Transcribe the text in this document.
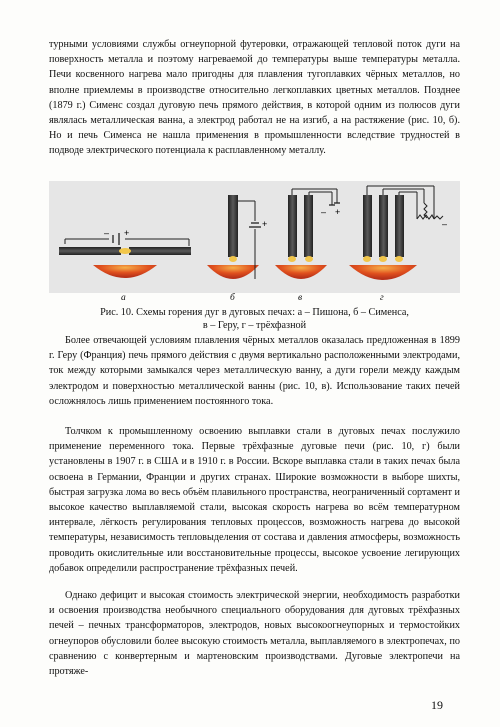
турными условиями службы огнеупорной футеровки, отражающей тепловой поток дуги на поверхность металла и поэтому нагреваемой до температуры выше температуры металла. Печи косвенного нагрева мало пригодны для плавления тугоплавких чёрных металлов, но вполне приемлемы в производстве относительно легкоплавких цветных металлов. Позднее (1879 г.) Сименс создал дуговую печь прямого действия, в которой одним из полюсов дуги являлась металлическая ванна, а электрод работал не на изгиб, а на растяжение (рис. 10, б). Но и печь Сименса не нашла применения в промышленности вследствие трудностей в подводе электрического потенциала к расплавленному металлу.

– +
+
– +
–
а	б	в	г

Рис. 10. Схемы горения дуг в дуговых печах: а – Пишона, б – Сименса,
в – Геру, г – трёхфазной

Более отвечающей условиям плавления чёрных металлов оказалась предложенная в 1899 г. Геру (Франция) печь прямого действия с двумя вертикально расположенными электродами, ток между которыми замыкался через металлическую ванну, а дуги горели между каждым электродом и поверхностью металлической ванны (рис. 10, в). Использование таких печей осложнялось лишь применением постоянного тока.

Толчком к промышленному освоению выплавки стали в дуговых печах послужило применение переменного тока. Первые трёхфазные дуговые печи (рис. 10, г) были установлены в 1907 г. в США и в 1910 г. в России. Вскоре выплавка стали в таких печах была освоена в Германии, Франции и других странах. Широкие возможности в выборе шихты, быстрая загрузка лома во весь объём плавильного пространства, неограниченный сортамент и высокое качество выплавляемой стали, высокая скорость нагрева во всём температурном интервале, лёгкость регулирования тепловых процессов, возможность нагрева до высокой температуры, независимость тепловыделения от состава и давления атмосферы, возможность проводить окислительные или восстановительные процессы, высокое усвоение легирующих добавок определили распространение трёхфазных печей.

Однако дефицит и высокая стоимость электрической энергии, необходимость разработки и освоения производства необычного специального оборудования для дуговых трёхфазных печей – печных трансформаторов, электродов, новых высокоогнеупорных и термостойких огнеупоров обусловили более высокую стоимость металла, выплавляемого в электропечах, по сравнению с конвертерным и мартеновским производствами. Дуговые электропечи на протяже-

19
